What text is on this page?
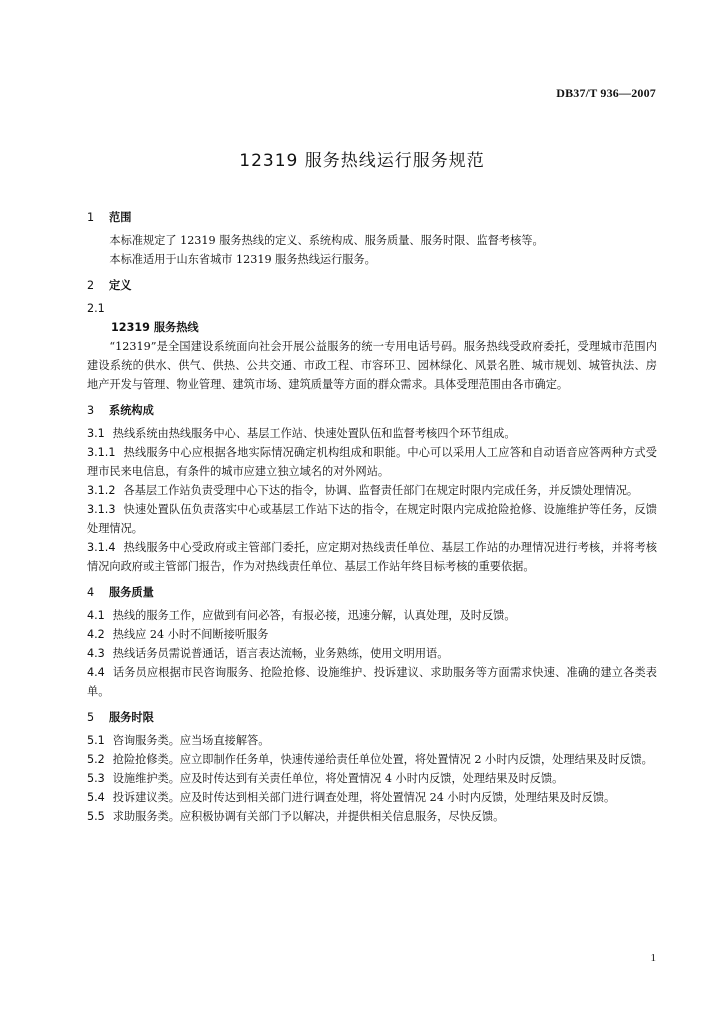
DB37/T 936—2007
12319 服务热线运行服务规范

1 范围

本标准规定了 12319 服务热线的定义、系统构成、服务质量、服务时限、监督考核等。

本标准适用于山东省城市 12319 服务热线运行服务。

2 定义

2.1

12319 服务热线

“12319”是全国建设系统面向社会开展公益服务的统一专用电话号码。服务热线受政府委托，受理城市范围内建设系统的供水、供气、供热、公共交通、市政工程、市容环卫、园林绿化、风景名胜、城市规划、城管执法、房地产开发与管理、物业管理、建筑市场、建筑质量等方面的群众需求。具体受理范围由各市确定。

3 系统构成

3.1 热线系统由热线服务中心、基层工作站、快速处置队伍和监督考核四个环节组成。

3.1.1 热线服务中心应根据各地实际情况确定机构组成和职能。中心可以采用人工应答和自动语音应答两种方式受理市民来电信息，有条件的城市应建立独立域名的对外网站。

3.1.2 各基层工作站负责受理中心下达的指令，协调、监督责任部门在规定时限内完成任务，并反馈处理情况。

3.1.3 快速处置队伍负责落实中心或基层工作站下达的指令，在规定时限内完成抢险抢修、设施维护等任务，反馈处理情况。

3.1.4 热线服务中心受政府或主管部门委托，应定期对热线责任单位、基层工作站的办理情况进行考核，并将考核情况向政府或主管部门报告，作为对热线责任单位、基层工作站年终目标考核的重要依据。

4 服务质量

4.1 热线的服务工作，应做到有问必答，有报必接，迅速分解，认真处理，及时反馈。

4.2 热线应 24 小时不间断接听服务

4.3 热线话务员需说普通话，语言表达流畅，业务熟练，使用文明用语。

4.4 话务员应根据市民咨询服务、抢险抢修、设施维护、投诉建议、求助服务等方面需求快速、准确的建立各类表单。

5 服务时限

5.1 咨询服务类。应当场直接解答。

5.2 抢险抢修类。应立即制作任务单，快速传递给责任单位处置，将处置情况 2 小时内反馈，处理结果及时反馈。

5.3 设施维护类。应及时传达到有关责任单位，将处置情况 4 小时内反馈，处理结果及时反馈。

5.4 投诉建议类。应及时传达到相关部门进行调查处理，将处置情况 24 小时内反馈，处理结果及时反馈。

5.5 求助服务类。应积极协调有关部门予以解决，并提供相关信息服务，尽快反馈。

1
